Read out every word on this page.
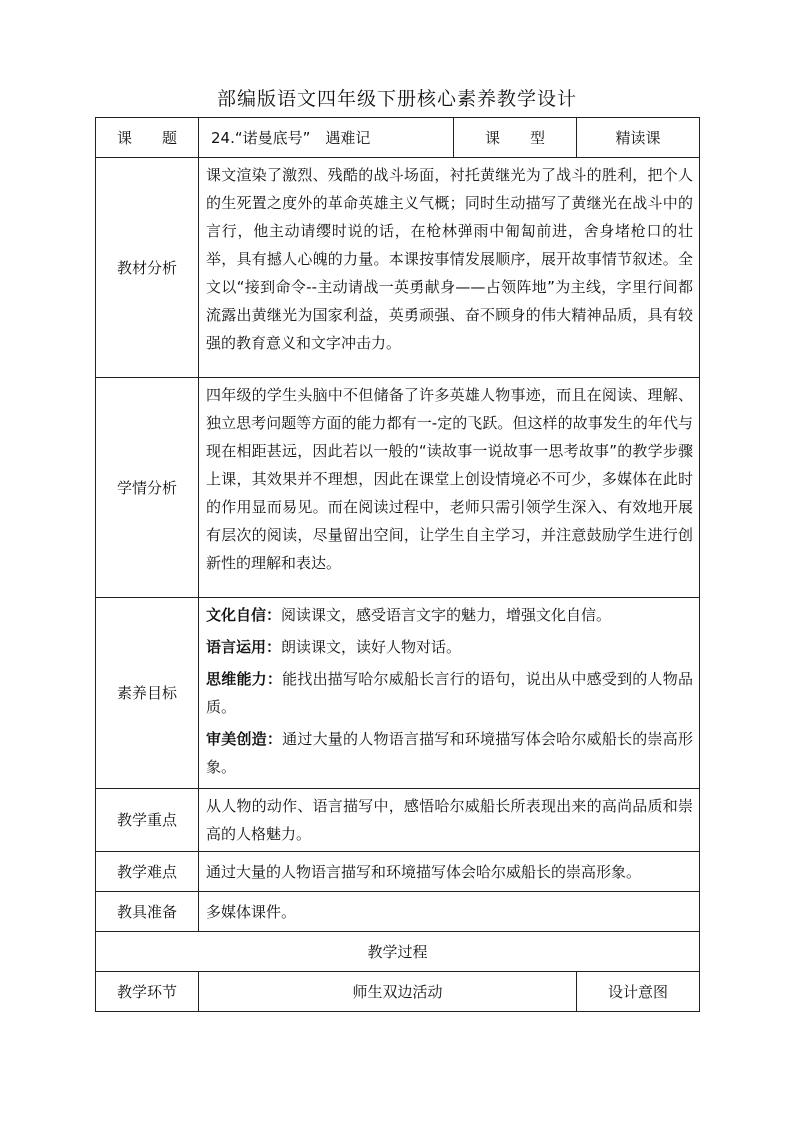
部编版语文四年级下册核心素养教学设计
课　　题	24.“诺曼底号”　遇难记	课　　型	精读课
教材分析	课文渲染了激烈、残酷的战斗场面，衬托黄继光为了战斗的胜利，把个人的生死置之度外的革命英雄主义气概；同时生动描写了黄继光在战斗中的言行，他主动请缨时说的话，在枪林弹雨中匍匐前进，舍身堵枪口的壮举，具有撼人心魄的力量。本课按事情发展顺序，展开故事情节叙述。全文以“接到命令--主动请战一英勇献身——占领阵地”为主线，字里行间都流露出黄继光为国家利益，英勇顽强、奋不顾身的伟大精神品质，具有较强的教育意义和文字冲击力。		

学情分析	四年级的学生头脑中不但储备了许多英雄人物事迹，而且在阅读、理解、独立思考问题等方面的能力都有一-定的飞跃。但这样的故事发生的年代与现在相距甚远，因此若以一般的“读故事一说故事一思考故事”的教学步骤上课，其效果并不理想，因此在课堂上创设情境必不可少，多媒体在此时的作用显而易见。而在阅读过程中，老师只需引领学生深入、有效地开展有层次的阅读，尽量留出空间，让学生自主学习，并注意鼓励学生进行创新性的理解和表达。		

素养目标	文化自信：阅读课文，感受语言文字的魅力，增强文化自信。

语言运用：朗读课文，读好人物对话。

思维能力：能找出描写哈尔威船长言行的语句，说出从中感受到的人物品质。

审美创造：通过大量的人物语言描写和环境描写体会哈尔威船长的崇高形象。		

教学重点	从人物的动作、语言描写中，感悟哈尔威船长所表现出来的高尚品质和崇高的人格魅力。		

教学难点	通过大量的人物语言描写和环境描写体会哈尔威船长的崇高形象。		

教具准备	多媒体课件。		

教学过程			
教学环节	师生双边活动		设计意图
